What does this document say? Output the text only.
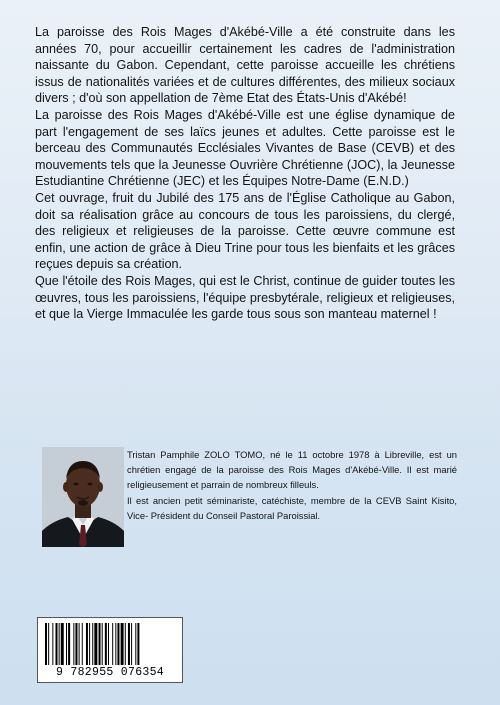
La paroisse des Rois Mages d'Akébé-Ville a été construite dans les années 70, pour accueillir certainement les cadres de l'administration naissante du Gabon. Cependant, cette paroisse accueille les chrétiens issus de nationalités variées et de cultures différentes, des milieux sociaux divers ; d'où son appellation de 7ème Etat des États-Unis d'Akébé!

La paroisse des Rois Mages d'Akébé-Ville est une église dynamique de part l'engagement de ses laïcs jeunes et adultes. Cette paroisse est le berceau des Communautés Ecclésiales Vivantes de Base (CEVB) et des mouvements tels que la Jeunesse Ouvrière Chrétienne (JOC), la Jeunesse Estudiantine Chrétienne (JEC) et les Équipes Notre-Dame (E.N.D.)

Cet ouvrage, fruit du Jubilé des 175 ans de l'Église Catholique au Gabon, doit sa réalisation grâce au concours de tous les paroissiens, du clergé, des religieux et religieuses de la paroisse. Cette œuvre commune est enfin, une action de grâce à Dieu Trine pour tous les bienfaits et les grâces reçues depuis sa création.

Que l'étoile des Rois Mages, qui est le Christ, continue de guider toutes les œuvres, tous les paroissiens, l'équipe presbytérale, religieux et religieuses, et que la Vierge Immaculée les garde tous sous son manteau maternel !

Tristan Pamphile ZOLO TOMO, né le 11 octobre 1978 à Libreville, est un chrétien engagé de la paroisse des Rois Mages d'Akébé-Ville. Il est marié religieusement et parrain de nombreux filleuls.

Il est ancien petit séminariste, catéchiste, membre de la CEVB Saint Kisito, Vice- Président du Conseil Pastoral Paroissial.

9 782955 076354
